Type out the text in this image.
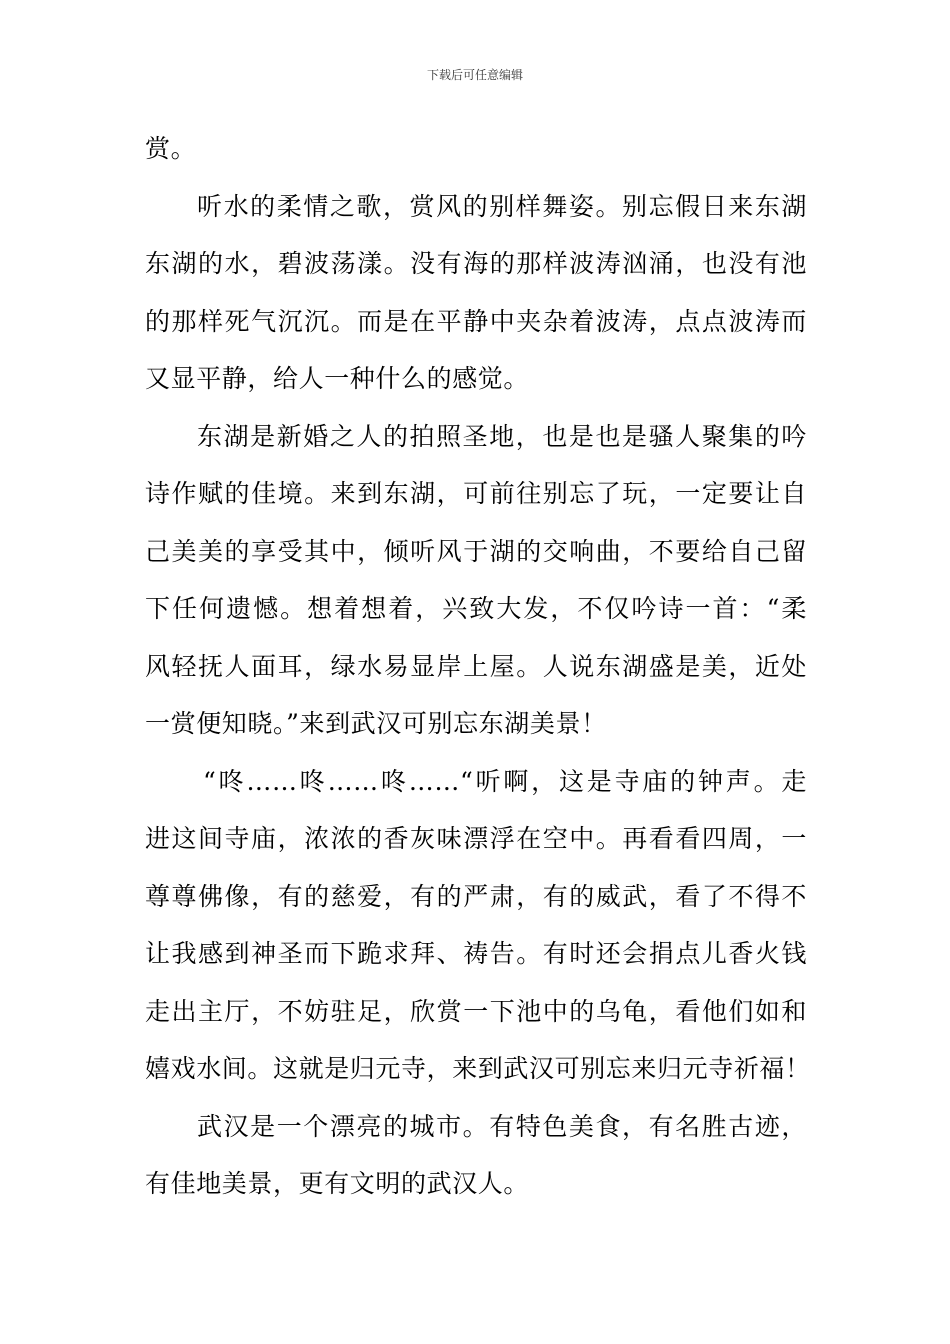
下载后可任意编辑
赏。
听水的柔情之歌，赏风的别样舞姿。别忘假日来东湖
东湖的水，碧波荡漾。没有海的那样波涛汹涌，也没有池
的那样死气沉沉。而是在平静中夹杂着波涛，点点波涛而
又显平静，给人一种什么的感觉。
东湖是新婚之人的拍照圣地，也是也是骚人聚集的吟
诗作赋的佳境。来到东湖，可前往别忘了玩，一定要让自
己美美的享受其中，倾听风于湖的交响曲，不要给自己留
下任何遗憾。想着想着，兴致大发，不仅吟诗一首：“柔
风轻抚人面耳，绿水易显岸上屋。人说东湖盛是美，近处
一赏便知晓。”来到武汉可别忘东湖美景！
“咚……咚……咚……“听啊，这是寺庙的钟声。走
进这间寺庙，浓浓的香灰味漂浮在空中。再看看四周，一
尊尊佛像，有的慈爱，有的严肃，有的威武，看了不得不
让我感到神圣而下跪求拜、祷告。有时还会捐点儿香火钱
走出主厅，不妨驻足，欣赏一下池中的乌龟，看他们如和
嬉戏水间。这就是归元寺，来到武汉可别忘来归元寺祈福！
武汉是一个漂亮的城市。有特色美食，有名胜古迹，
有佳地美景，更有文明的武汉人。
